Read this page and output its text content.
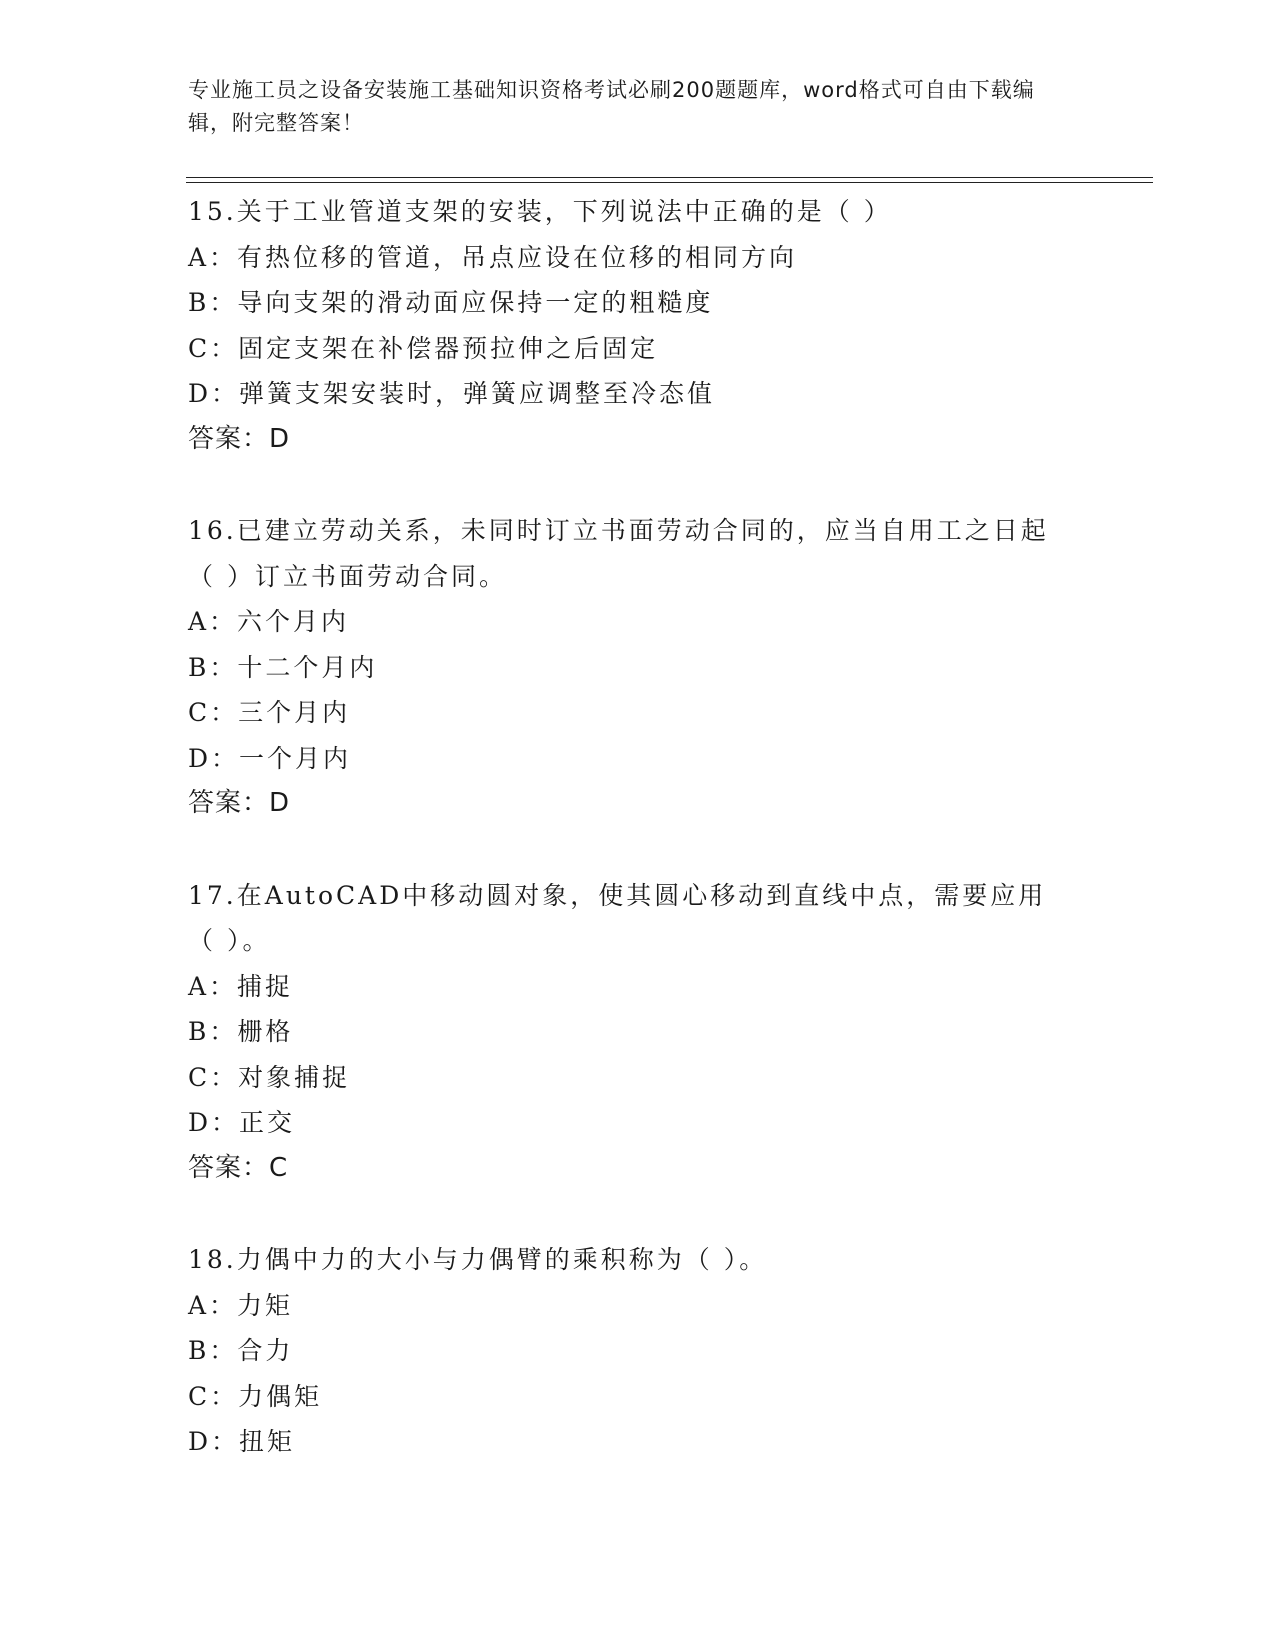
专业施工员之设备安装施工基础知识资格考试必刷200题题库，word格式可自由下载编辑，附完整答案！
15.关于工业管道支架的安装，下列说法中正确的是（ ）
A：有热位移的管道，吊点应设在位移的相同方向
B：导向支架的滑动面应保持一定的粗糙度
C：固定支架在补偿器预拉伸之后固定
D：弹簧支架安装时，弹簧应调整至冷态值
答案：D
16.已建立劳动关系，未同时订立书面劳动合同的，应当自用工之日起（ ）订立书面劳动合同。
A：六个月内
B：十二个月内
C：三个月内
D：一个月内
答案：D
17.在AutoCAD中移动圆对象，使其圆心移动到直线中点，需要应用（ ）。
A：捕捉
B：栅格
C：对象捕捉
D：正交
答案：C
18.力偶中力的大小与力偶臂的乘积称为（ ）。
A：力矩
B：合力
C：力偶矩
D：扭矩
